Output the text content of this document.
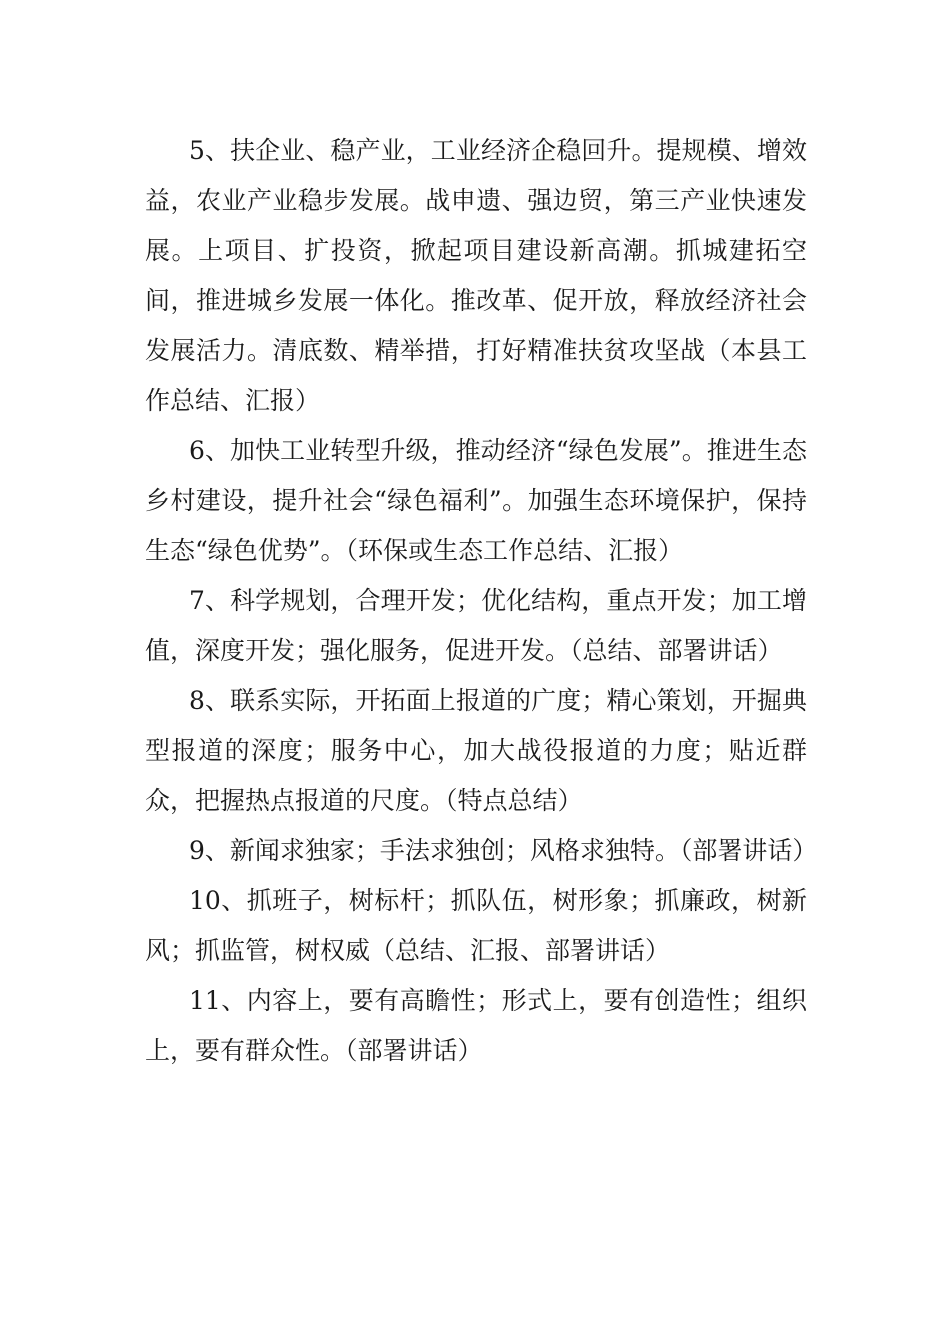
5、扶企业、稳产业，工业经济企稳回升。提规模、增效益，农业产业稳步发展。战申遗、强边贸，第三产业快速发展。上项目、扩投资，掀起项目建设新高潮。抓城建拓空间，推进城乡发展一体化。推改革、促开放，释放经济社会发展活力。清底数、精举措，打好精准扶贫攻坚战（本县工作总结、汇报）

6、加快工业转型升级，推动经济“绿色发展”。推进生态乡村建设，提升社会“绿色福利”。加强生态环境保护，保持生态“绿色优势”。（环保或生态工作总结、汇报）

7、科学规划，合理开发；优化结构，重点开发；加工增值，深度开发；强化服务，促进开发。（总结、部署讲话）

8、联系实际，开拓面上报道的广度；精心策划，开掘典型报道的深度；服务中心，加大战役报道的力度；贴近群众，把握热点报道的尺度。（特点总结）

9、新闻求独家；手法求独创；风格求独特。（部署讲话）

10、抓班子，树标杆；抓队伍，树形象；抓廉政，树新风；抓监管，树权威（总结、汇报、部署讲话）

11、内容上，要有高瞻性；形式上，要有创造性；组织上，要有群众性。（部署讲话）
